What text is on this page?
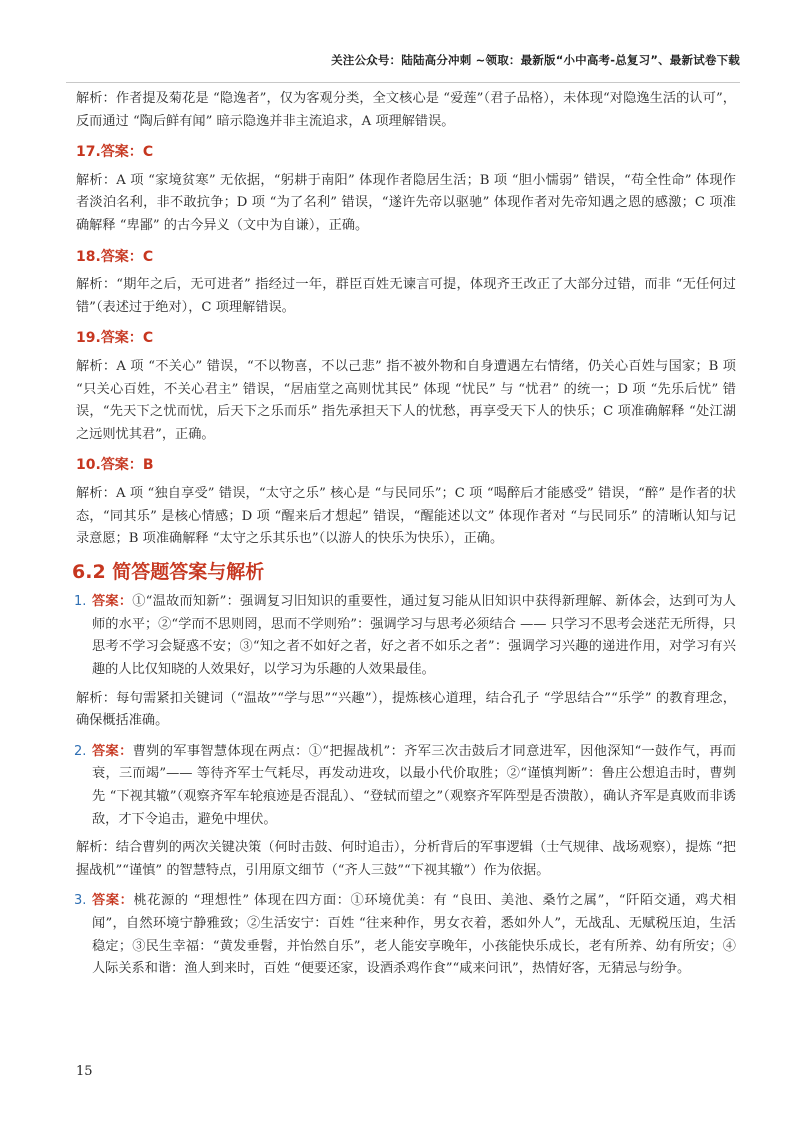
关注公众号：陆陆高分冲刺 ~领取：最新版“小中高考-总复习”、最新试卷下载

解析：作者提及菊花是 “隐逸者”，仅为客观分类，全文核心是 “爱莲”（君子品格），未体现“对隐逸生活的认可”，反而通过 “陶后鲜有闻” 暗示隐逸并非主流追求，A 项理解错误。

17.答案：C

解析：A 项 “家境贫寒” 无依据，“躬耕于南阳” 体现作者隐居生活；B 项 “胆小懦弱” 错误，“苟全性命” 体现作者淡泊名利，非不敢抗争；D 项 “为了名利” 错误，“遂许先帝以驱驰” 体现作者对先帝知遇之恩的感激；C 项准确解释 “卑鄙” 的古今异义（文中为自谦），正确。

18.答案：C

解析：“期年之后，无可进者” 指经过一年，群臣百姓无谏言可提，体现齐王改正了大部分过错，而非 “无任何过错”（表述过于绝对），C 项理解错误。

19.答案：C

解析：A 项 “不关心” 错误，“不以物喜，不以己悲” 指不被外物和自身遭遇左右情绪，仍关心百姓与国家；B 项 “只关心百姓，不关心君主” 错误，“居庙堂之高则忧其民” 体现 “忧民” 与 “忧君” 的统一；D 项 “先乐后忧” 错误，“先天下之忧而忧，后天下之乐而乐” 指先承担天下人的忧愁，再享受天下人的快乐；C 项准确解释 “处江湖之远则忧其君”，正确。

10.答案：B

解析：A 项 “独自享受” 错误，“太守之乐” 核心是 “与民同乐”；C 项 “喝醉后才能感受” 错误，“醉” 是作者的状态，“同其乐” 是核心情感；D 项 “醒来后才想起” 错误，“醒能述以文” 体现作者对 “与民同乐” 的清晰认知与记录意愿；B 项准确解释 “太守之乐其乐也”（以游人的快乐为快乐），正确。

6.2 简答题答案与解析

1. 答案：①“温故而知新”：强调复习旧知识的重要性，通过复习能从旧知识中获得新理解、新体会，达到可为人师的水平；②“学而不思则罔，思而不学则殆”：强调学习与思考必须结合 —— 只学习不思考会迷茫无所得，只思考不学习会疑惑不安；③“知之者不如好之者，好之者不如乐之者”：强调学习兴趣的递进作用，对学习有兴趣的人比仅知晓的人效果好，以学习为乐趣的人效果最佳。

解析：每句需紧扣关键词（“温故”“学与思”“兴趣”），提炼核心道理，结合孔子 “学思结合”“乐学” 的教育理念，确保概括准确。

2. 答案：曹刿的军事智慧体现在两点：①“把握战机”：齐军三次击鼓后才同意进军，因他深知“一鼓作气，再而衰，三而竭”—— 等待齐军士气耗尽，再发动进攻，以最小代价取胜；②“谨慎判断”：鲁庄公想追击时，曹刿先 “下视其辙”（观察齐军车轮痕迹是否混乱）、“登轼而望之”（观察齐军阵型是否溃散），确认齐军是真败而非诱敌，才下令追击，避免中埋伏。

解析：结合曹刿的两次关键决策（何时击鼓、何时追击），分析背后的军事逻辑（士气规律、战场观察），提炼 “把握战机”“谨慎” 的智慧特点，引用原文细节（“齐人三鼓”“下视其辙”）作为依据。

3. 答案：桃花源的 “理想性” 体现在四方面：①环境优美：有 “良田、美池、桑竹之属”，“阡陌交通，鸡犬相闻”，自然环境宁静雅致；②生活安宁：百姓 “往来种作，男女衣着，悉如外人”，无战乱、无赋税压迫，生活稳定；③民生幸福：“黄发垂髫，并怡然自乐”，老人能安享晚年，小孩能快乐成长，老有所养、幼有所安；④人际关系和谐：渔人到来时，百姓 “便要还家，设酒杀鸡作食”“咸来问讯”，热情好客，无猜忌与纷争。

15
